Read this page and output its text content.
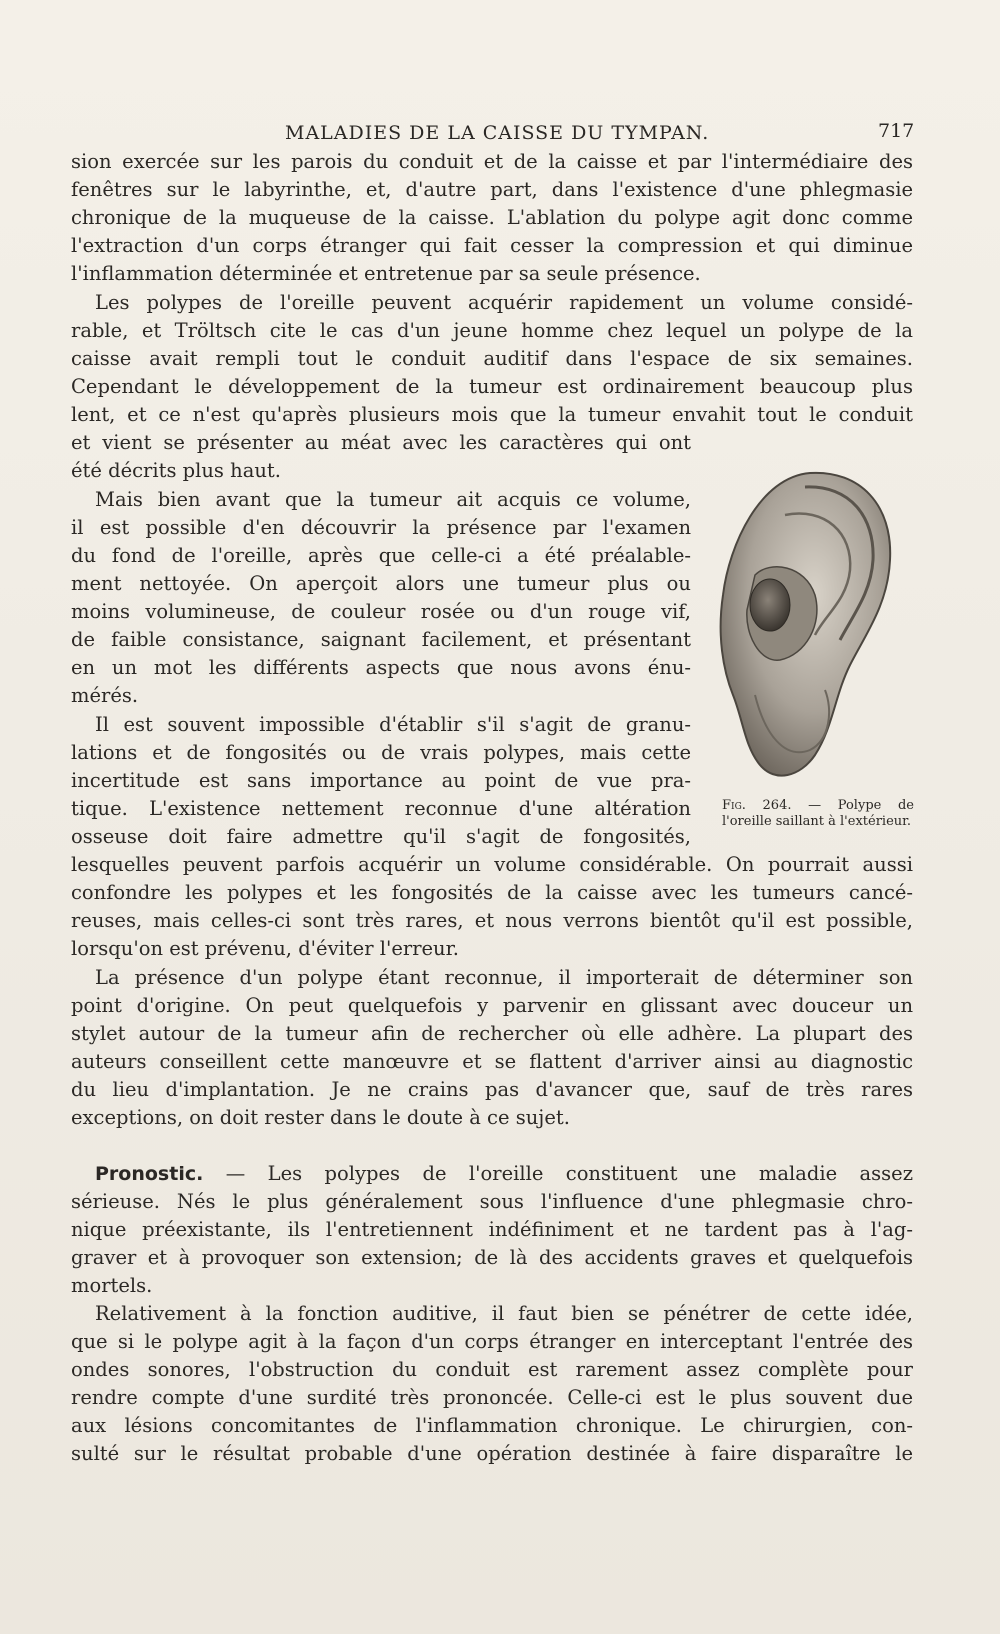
MALADIES DE LA CAISSE DU TYMPAN.	717
sion exercée sur les parois du conduit et de la caisse et par l'intermédiaire des
fenêtres sur le labyrinthe, et, d'autre part, dans l'existence d'une phlegmasie
chronique de la muqueuse de la caisse. L'ablation du polype agit donc comme
l'extraction d'un corps étranger qui fait cesser la compression et qui diminue
l'inflammation déterminée et entretenue par sa seule présence.
Les polypes de l'oreille peuvent acquérir rapidement un volume considé-
rable, et Tröltsch cite le cas d'un jeune homme chez lequel un polype de la
caisse avait rempli tout le conduit auditif dans l'espace de six semaines.
Cependant le développement de la tumeur est ordinairement beaucoup plus
lent, et ce n'est qu'après plusieurs mois que la tumeur envahit tout le conduit
et vient se présenter au méat avec les caractères qui ont
été décrits plus haut.
Mais bien avant que la tumeur ait acquis ce volume,
il est possible d'en découvrir la présence par l'examen
du fond de l'oreille, après que celle-ci a été préalable-
ment nettoyée. On aperçoit alors une tumeur plus ou
moins volumineuse, de couleur rosée ou d'un rouge vif,
de faible consistance, saignant facilement, et présentant
en un mot les différents aspects que nous avons énu-
mérés.
Il est souvent impossible d'établir s'il s'agit de granu-
lations et de fongosités ou de vrais polypes, mais cette
incertitude est sans importance au point de vue pra-
tique. L'existence nettement reconnue d'une altération
osseuse doit faire admettre qu'il s'agit de fongosités,
lesquelles peuvent parfois acquérir un volume considérable. On pourrait aussi
confondre les polypes et les fongosités de la caisse avec les tumeurs cancé-
reuses, mais celles-ci sont très rares, et nous verrons bientôt qu'il est possible,
lorsqu'on est prévenu, d'éviter l'erreur.
La présence d'un polype étant reconnue, il importerait de déterminer son
point d'origine. On peut quelquefois y parvenir en glissant avec douceur un
stylet autour de la tumeur afin de rechercher où elle adhère. La plupart des
auteurs conseillent cette manœuvre et se flattent d'arriver ainsi au diagnostic
du lieu d'implantation. Je ne crains pas d'avancer que, sauf de très rares
exceptions, on doit rester dans le doute à ce sujet.
Pronostic. — Les polypes de l'oreille constituent une maladie assez
sérieuse. Nés le plus généralement sous l'influence d'une phlegmasie chro-
nique préexistante, ils l'entretiennent indéfiniment et ne tardent pas à l'ag-
graver et à provoquer son extension; de là des accidents graves et quelquefois
mortels.
Relativement à la fonction auditive, il faut bien se pénétrer de cette idée,
que si le polype agit à la façon d'un corps étranger en interceptant l'entrée des
ondes sonores, l'obstruction du conduit est rarement assez complète pour
rendre compte d'une surdité très prononcée. Celle-ci est le plus souvent due
aux lésions concomitantes de l'inflammation chronique. Le chirurgien, con-
sulté sur le résultat probable d'une opération destinée à faire disparaître le
Fig. 264. — Polype de l'oreille saillant à l'extérieur.
